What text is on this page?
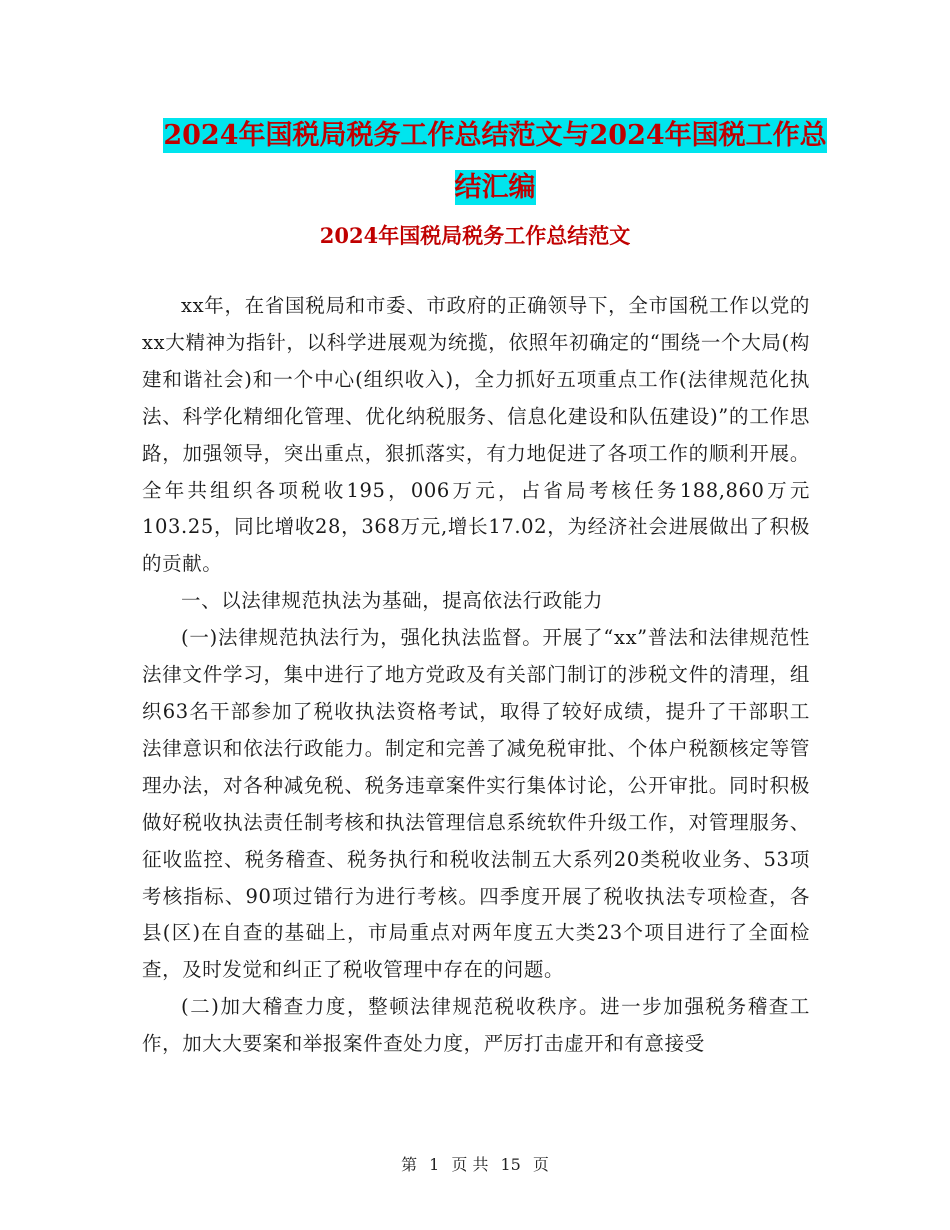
2024年国税局税务工作总结范文与2024年国税工作总
结汇编
2024年国税局税务工作总结范文

xx年，在省国税局和市委、市政府的正确领导下，全市国税工作以党的xx大精神为指针，以科学进展观为统揽，依照年初确定的“围绕一个大局(构建和谐社会)和一个中心(组织收入)，全力抓好五项重点工作(法律规范化执法、科学化精细化管理、优化纳税服务、信息化建设和队伍建设)”的工作思路，加强领导，突出重点，狠抓落实，有力地促进了各项工作的顺利开展。全年共组织各项税收195，006万元，占省局考核任务188,860万元103.25，同比增收28，368万元,增长17.02，为经济社会进展做出了积极的贡献。

一、以法律规范执法为基础，提高依法行政能力

(一)法律规范执法行为，强化执法监督。开展了“xx”普法和法律规范性法律文件学习，集中进行了地方党政及有关部门制订的涉税文件的清理，组织63名干部参加了税收执法资格考试，取得了较好成绩，提升了干部职工法律意识和依法行政能力。制定和完善了减免税审批、个体户税额核定等管理办法，对各种减免税、税务违章案件实行集体讨论，公开审批。同时积极做好税收执法责任制考核和执法管理信息系统软件升级工作，对管理服务、征收监控、税务稽查、税务执行和税收法制五大系列20类税收业务、53项考核指标、90项过错行为进行考核。四季度开展了税收执法专项检查，各县(区)在自查的基础上，市局重点对两年度五大类23个项目进行了全面检查，及时发觉和纠正了税收管理中存在的问题。

(二)加大稽查力度，整顿法律规范税收秩序。进一步加强税务稽查工作，加大大要案和举报案件查处力度，严厉打击虚开和有意接受

第 1 页 共 15 页
